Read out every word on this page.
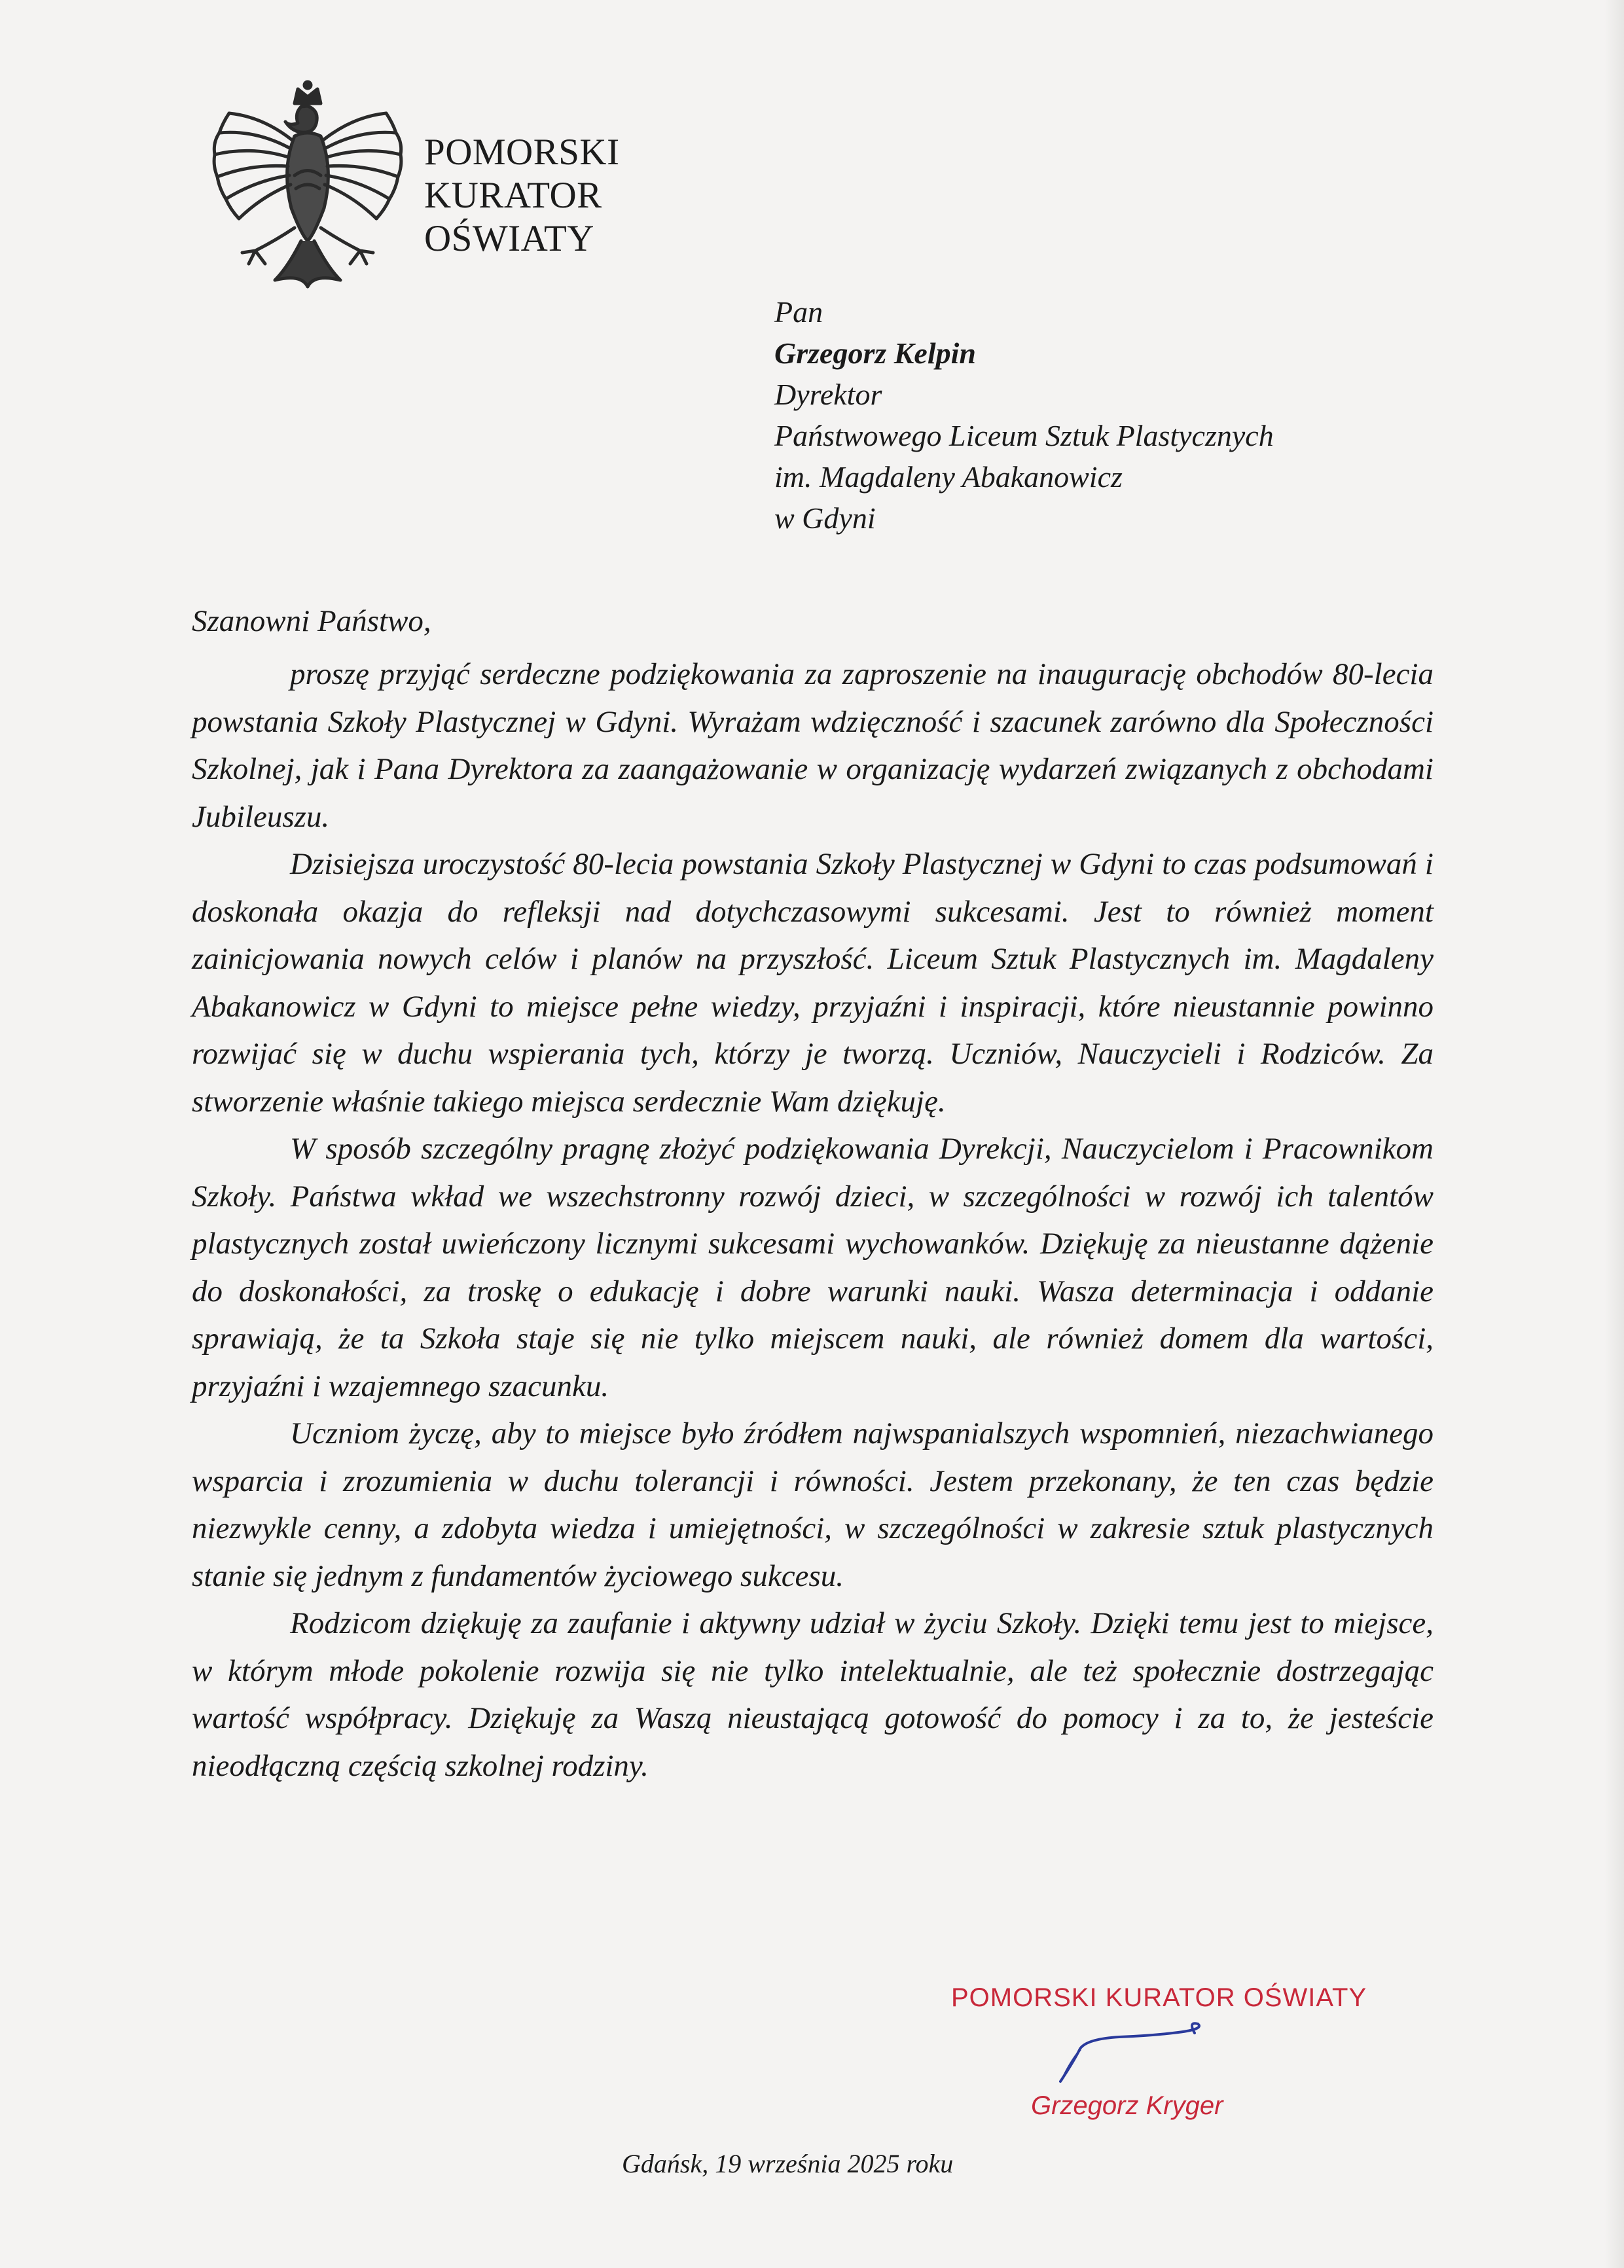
POMORSKI
KURATOR
OŚWIATY
Pan
Grzegorz Kelpin
Dyrektor
Państwowego Liceum Sztuk Plastycznych
im. Magdaleny Abakanowicz
w Gdyni
Szanowni Państwo,

proszę przyjąć serdeczne podziękowania za zaproszenie na inaugurację obchodów 80-lecia powstania Szkoły Plastycznej w Gdyni. Wyrażam wdzięczność i szacunek zarówno dla Społeczności Szkolnej, jak i Pana Dyrektora za zaangażowanie w organizację wydarzeń związanych z obchodami Jubileuszu.

Dzisiejsza uroczystość 80-lecia powstania Szkoły Plastycznej w Gdyni to czas podsumowań i doskonała okazja do refleksji nad dotychczasowymi sukcesami. Jest to również moment zainicjowania nowych celów i planów na przyszłość. Liceum Sztuk Plastycznych im. Magdaleny Abakanowicz w Gdyni to miejsce pełne wiedzy, przyjaźni i inspiracji, które nieustannie powinno rozwijać się w duchu wspierania tych, którzy je tworzą. Uczniów, Nauczycieli i Rodziców. Za stworzenie właśnie takiego miejsca serdecznie Wam dziękuję.

W sposób szczególny pragnę złożyć podziękowania Dyrekcji, Nauczycielom i Pracownikom Szkoły. Państwa wkład we wszechstronny rozwój dzieci, w szczególności w rozwój ich talentów plastycznych został uwieńczony licznymi sukcesami wychowanków. Dziękuję za nieustanne dążenie do doskonałości, za troskę o edukację i dobre warunki nauki. Wasza determinacja i oddanie sprawiają, że ta Szkoła staje się nie tylko miejscem nauki, ale również domem dla wartości, przyjaźni i wzajemnego szacunku.

Uczniom życzę, aby to miejsce było źródłem najwspanialszych wspomnień, niezachwianego wsparcia i zrozumienia w duchu tolerancji i równości. Jestem przekonany, że ten czas będzie niezwykle cenny, a zdobyta wiedza i umiejętności, w szczególności w zakresie sztuk plastycznych stanie się jednym z fundamentów życiowego sukcesu.

Rodzicom dziękuję za zaufanie i aktywny udział w życiu Szkoły. Dzięki temu jest to miejsce, w którym młode pokolenie rozwija się nie tylko intelektualnie, ale też społecznie dostrzegając wartość współpracy. Dziękuję za Waszą nieustającą gotowość do pomocy i za to, że jesteście nieodłączną częścią szkolnej rodziny.

POMORSKI KURATOR OŚWIATY
Grzegorz Kryger
Gdańsk, 19 września 2025 roku
